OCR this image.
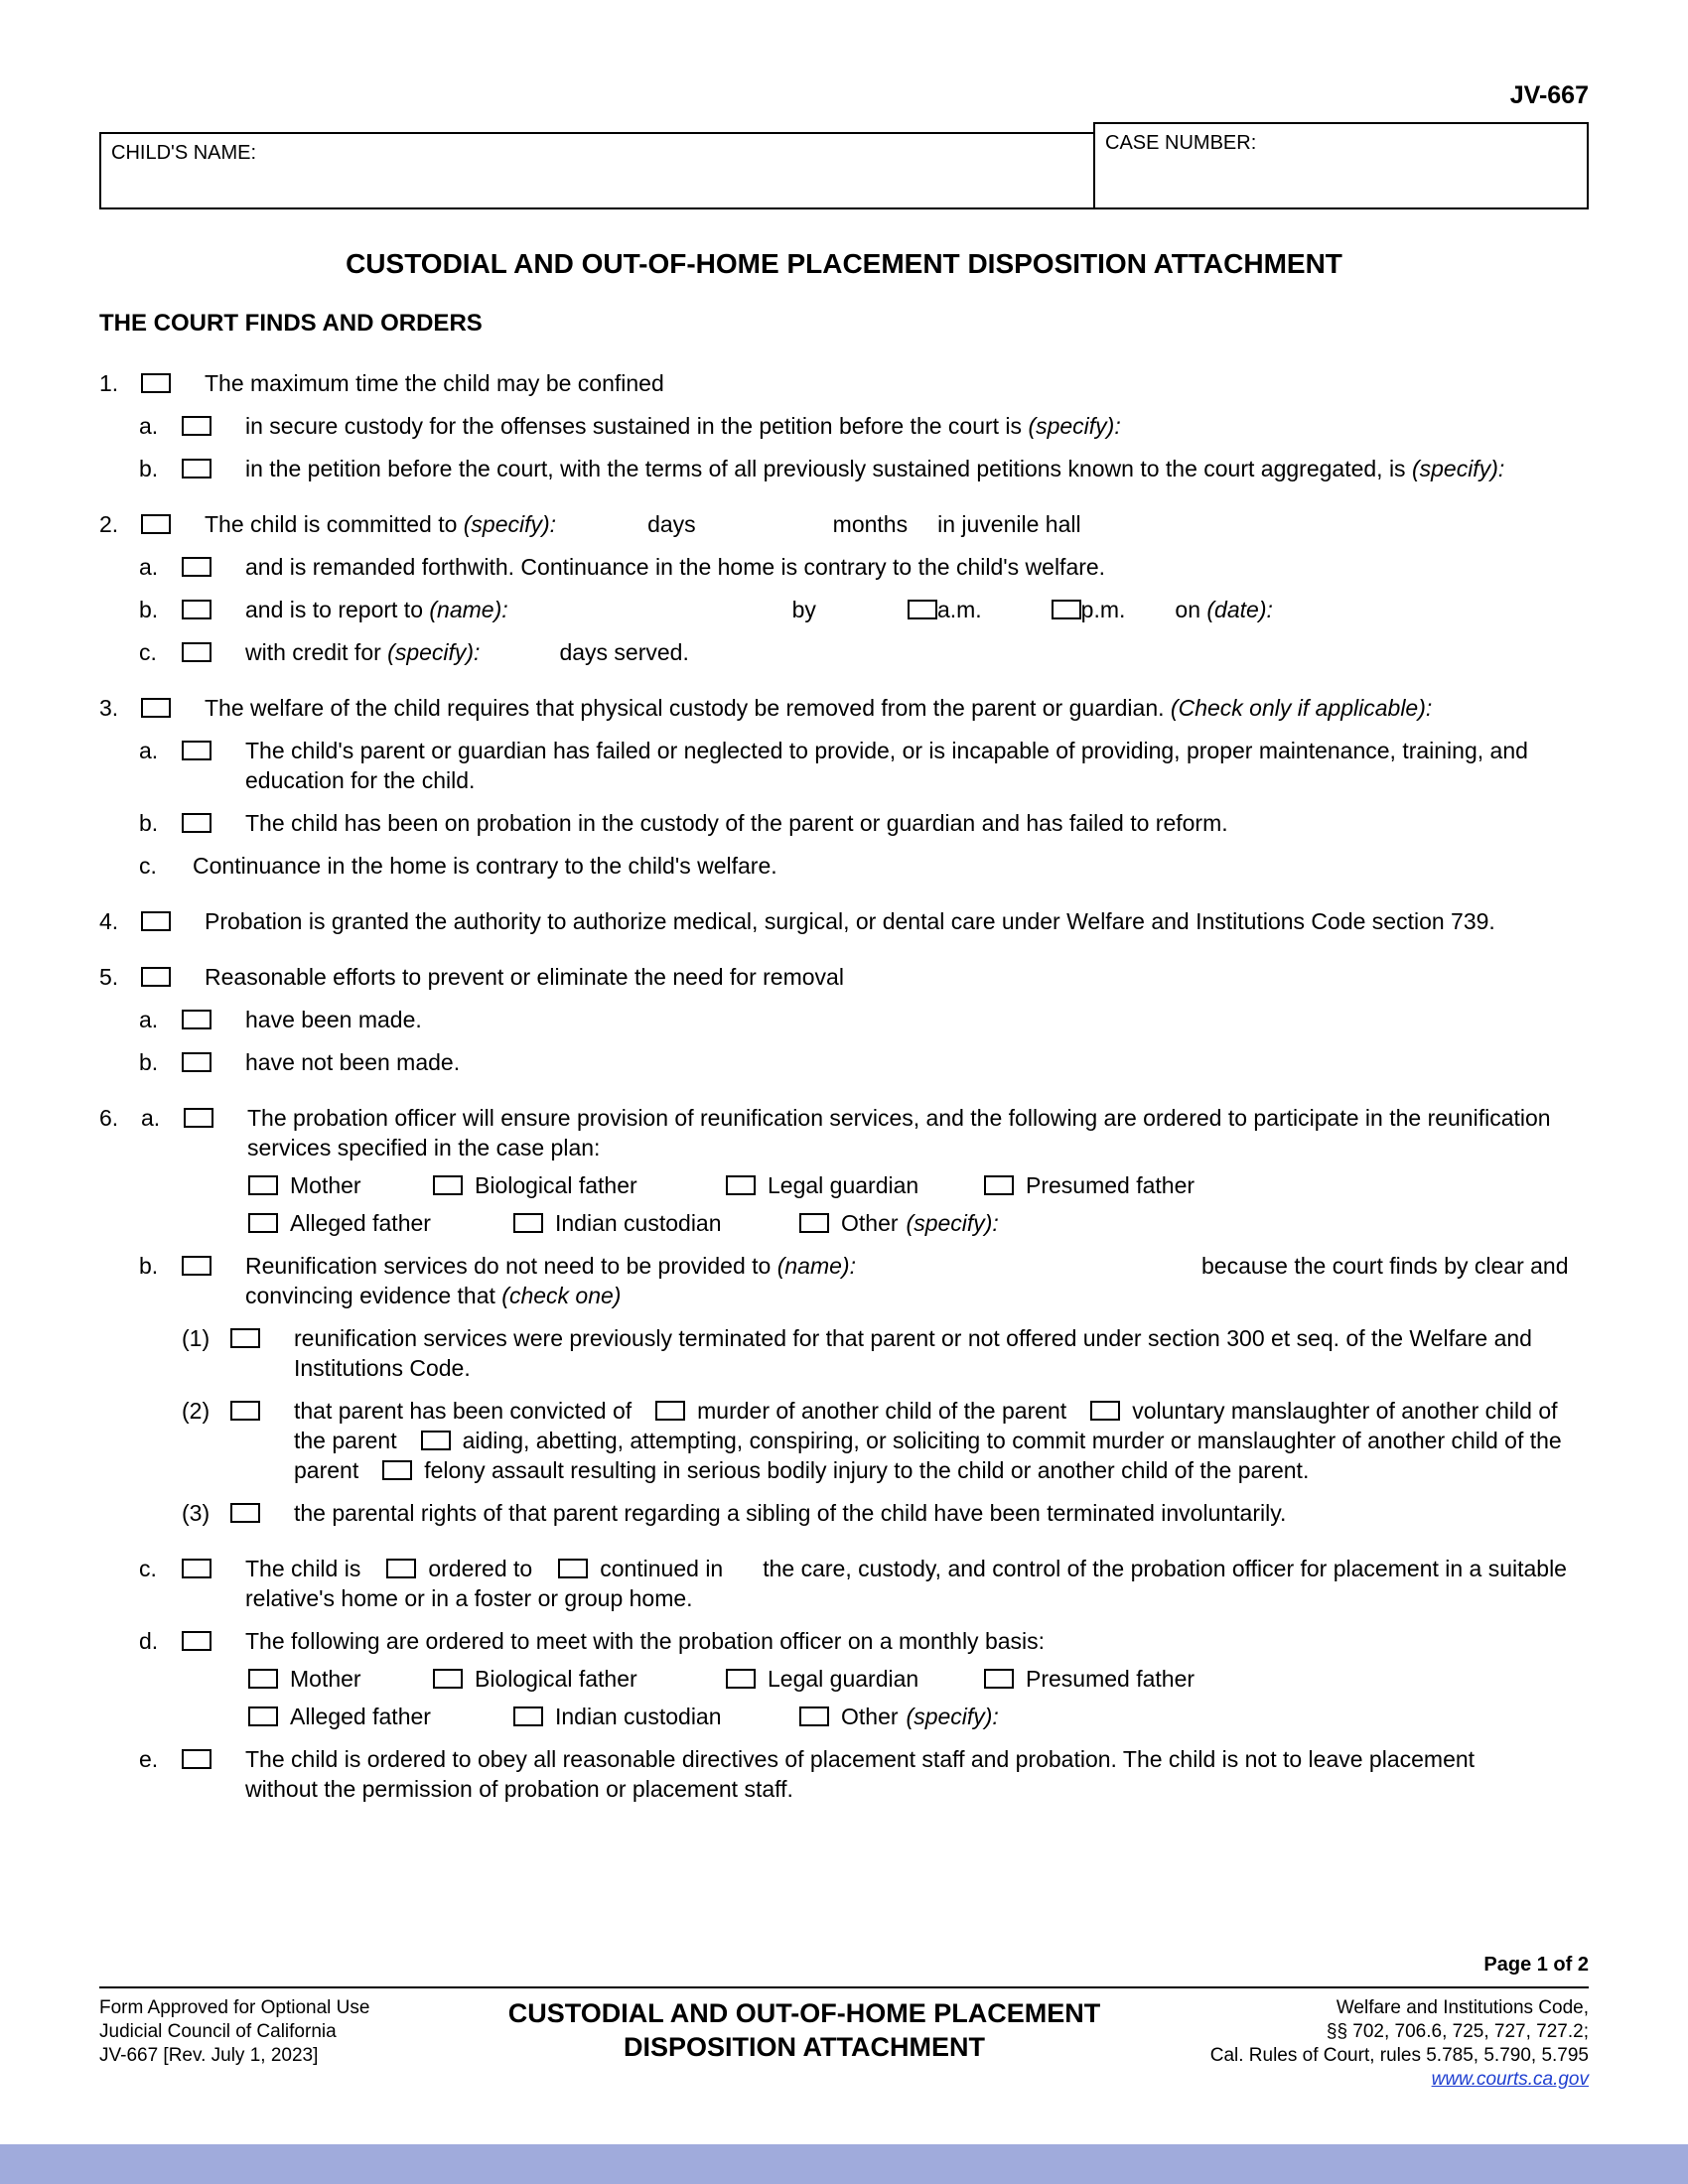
JV-667
CHILD'S NAME:	CASE NUMBER:
CUSTODIAL AND OUT-OF-HOME PLACEMENT DISPOSITION ATTACHMENT
THE COURT FINDS AND ORDERS
1.	The maximum time the child may be confined
a.	in secure custody for the offenses sustained in the petition before the court is (specify):
b.	in the petition before the court, with the terms of all previously sustained petitions known to the court aggregated, is (specify):
2.	The child is committed to (specify):	days	months in juvenile hall
a.	and is remanded forthwith. Continuance in the home is contrary to the child's welfare.
b.	and is to report to (name):	by	a.m.	p.m. on (date):
c.	with credit for (specify):	days served.
3.	The welfare of the child requires that physical custody be removed from the parent or guardian. (Check only if applicable):
a.	The child's parent or guardian has failed or neglected to provide, or is incapable of providing, proper maintenance, training, and education for the child.
b.	The child has been on probation in the custody of the parent or guardian and has failed to reform.
c.	Continuance in the home is contrary to the child's welfare.
4.	Probation is granted the authority to authorize medical, surgical, or dental care under Welfare and Institutions Code section 739.
5.	Reasonable efforts to prevent or eliminate the need for removal
a.	have been made.
b.	have not been made.
6. a.	The probation officer will ensure provision of reunification services, and the following are ordered to participate in the reunification services specified in the case plan:
Mother	Biological father	Legal guardian	Presumed father
Alleged father	Indian custodian	Other (specify):
b.	Reunification services do not need to be provided to (name):	because the court finds by clear and convincing evidence that (check one)
(1)	reunification services were previously terminated for that parent or not offered under section 300 et seq. of the Welfare and Institutions Code.
(2)	that parent has been convicted of	murder of another child of the parent	voluntary manslaughter of another child of the parent	aiding, abetting, attempting, conspiring, or soliciting to commit murder or manslaughter of another child of the parent	felony assault resulting in serious bodily injury to the child or another child of the parent.
(3)	the parental rights of that parent regarding a sibling of the child have been terminated involuntarily.
c.	The child is	ordered to	continued in the care, custody, and control of the probation officer for placement in a suitable relative's home or in a foster or group home.
d.	The following are ordered to meet with the probation officer on a monthly basis:
Mother	Biological father	Legal guardian	Presumed father
Alleged father	Indian custodian	Other (specify):
e.	The child is ordered to obey all reasonable directives of placement staff and probation. The child is not to leave placement without the permission of probation or placement staff.
Page 1 of 2
Form Approved for Optional Use
Judicial Council of California
JV-667 [Rev. July 1, 2023]
CUSTODIAL AND OUT-OF-HOME PLACEMENT DISPOSITION ATTACHMENT
Welfare and Institutions Code,
§§ 702, 706.6, 725, 727, 727.2;
Cal. Rules of Court, rules 5.785, 5.790, 5.795
www.courts.ca.gov
